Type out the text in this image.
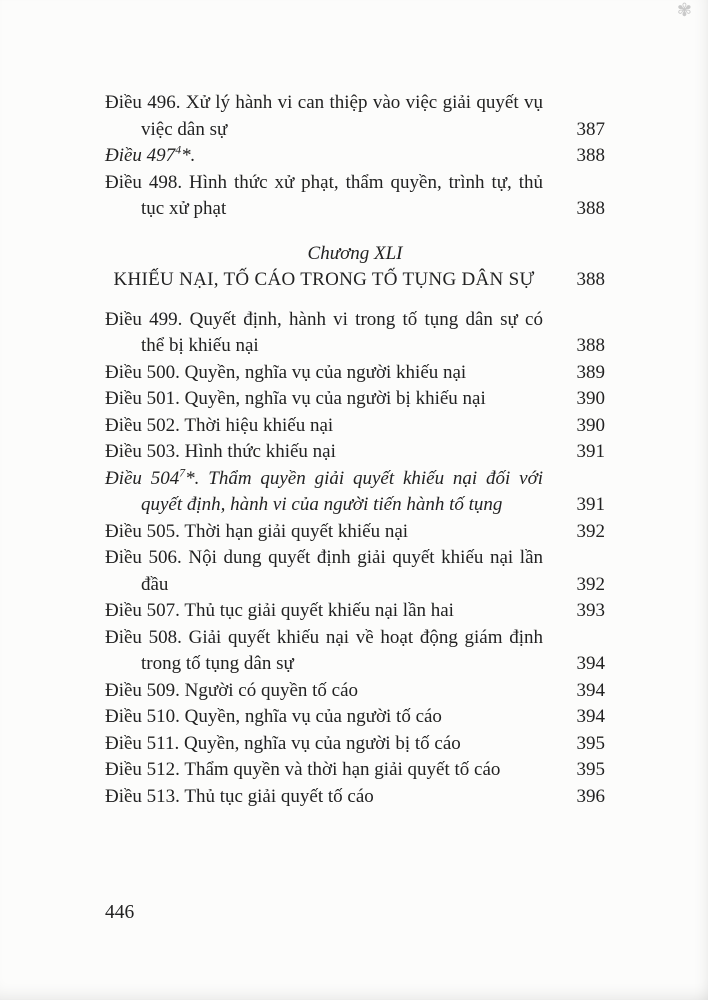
✾
Điều 496. Xử lý hành vi can thiệp vào việc giải quyết vụ việc dân sự	387
Điều $497^4*$.	388
Điều 498. Hình thức xử phạt, thẩm quyền, trình tự, thủ tục xử phạt	388
Chương XLI
KHIẾU NẠI, TỐ CÁO TRONG TỐ TỤNG DÂN SỰ	388
Điều 499. Quyết định, hành vi trong tố tụng dân sự có thể bị khiếu nại	388
Điều 500. Quyền, nghĩa vụ của người khiếu nại	389
Điều 501. Quyền, nghĩa vụ của người bị khiếu nại	390
Điều 502. Thời hiệu khiếu nại	390
Điều 503. Hình thức khiếu nại	391
Điều $504^7*$. Thẩm quyền giải quyết khiếu nại đối với quyết định, hành vi của người tiến hành tố tụng	391
Điều 505. Thời hạn giải quyết khiếu nại	392
Điều 506. Nội dung quyết định giải quyết khiếu nại lần đầu	392
Điều 507. Thủ tục giải quyết khiếu nại lần hai	393
Điều 508. Giải quyết khiếu nại về hoạt động giám định trong tố tụng dân sự	394
Điều 509. Người có quyền tố cáo	394
Điều 510. Quyền, nghĩa vụ của người tố cáo	394
Điều 511. Quyền, nghĩa vụ của người bị tố cáo	395
Điều 512. Thẩm quyền và thời hạn giải quyết tố cáo	395
Điều 513. Thủ tục giải quyết tố cáo	396
446
